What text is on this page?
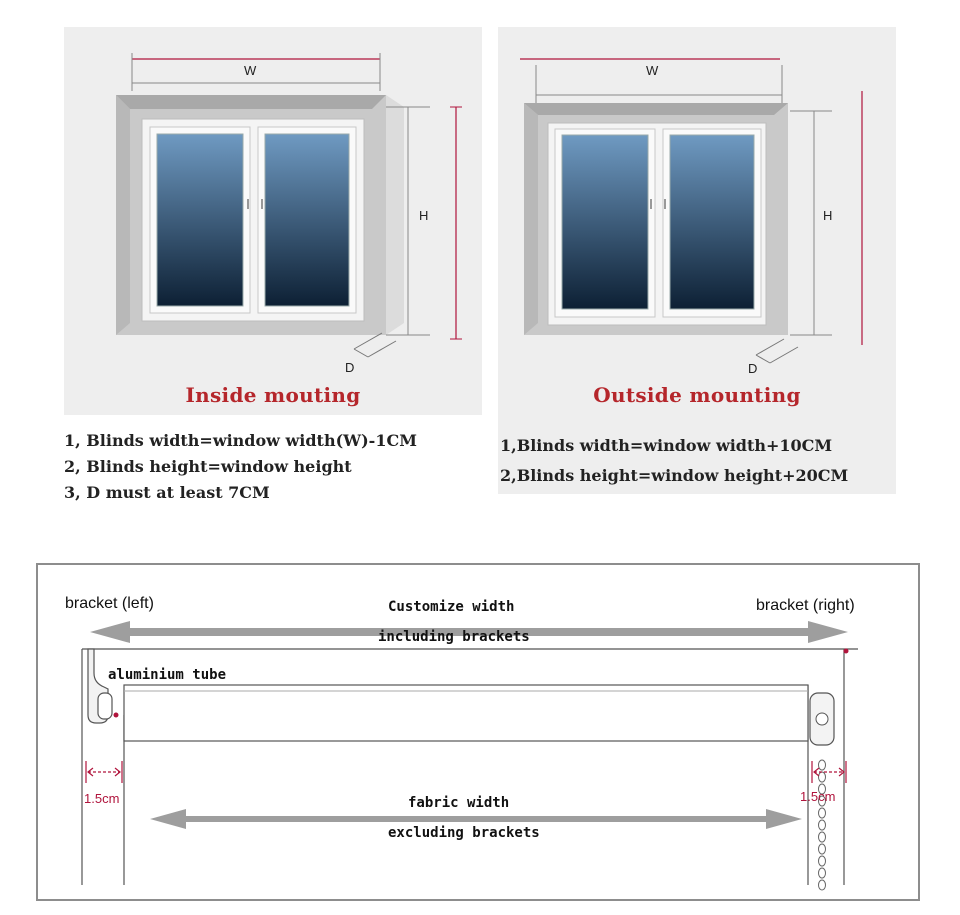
W
H
D
Inside mouting
1, Blinds width=window width(W)-1CM
2, Blinds height=window height
3, D must at least 7CM
W
H
D
Outside mounting
1,Blinds width=window width+10CM
2,Blinds height=window height+20CM
bracket (left)	bracket (right)
Customize width
including brackets
aluminium tube
1.5cm	1.5cm
fabric width
excluding brackets
